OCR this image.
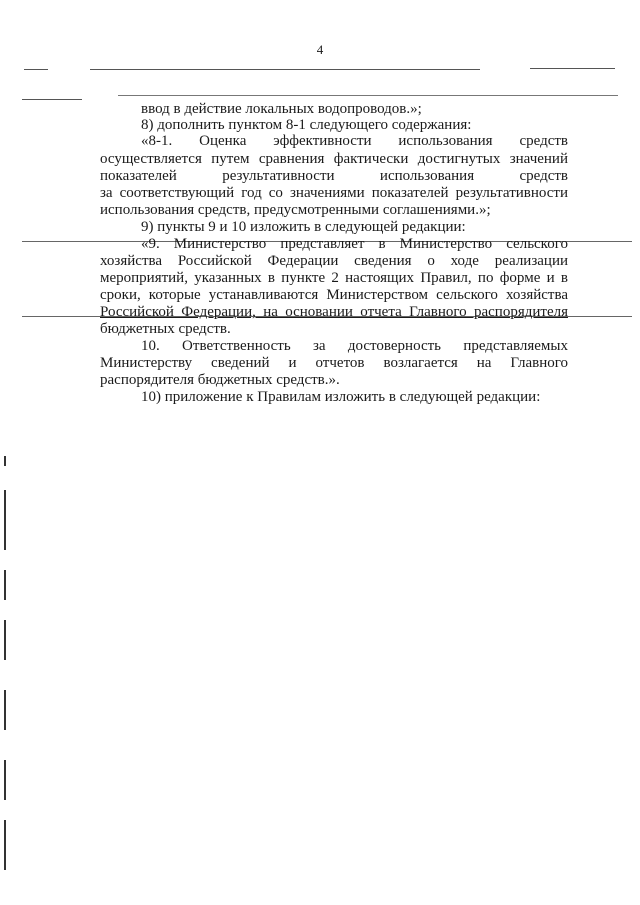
4
ввод в действие локальных водопроводов.»;
8) дополнить пунктом 8-1 следующего содержания:
«8-1. Оценка эффективности использования средств
осуществляется путем сравнения фактически достигнутых значений
показателей результативности использования средств
за соответствующий год со значениями показателей результативности
использования средств, предусмотренными соглашениями.»;
9) пункты 9 и 10 изложить в следующей редакции:
«9. Министерство представляет в Министерство сельского
хозяйства Российской Федерации сведения о ходе реализации
мероприятий, указанных в пункте 2 настоящих Правил, по форме и в
сроки, которые устанавливаются Министерством сельского хозяйства
Российской Федерации, на основании отчета Главного распорядителя
бюджетных средств.
10. Ответственность за достоверность представляемых
Министерству сведений и отчетов возлагается на Главного
распорядителя бюджетных средств.».
10) приложение к Правилам изложить в следующей редакции:
